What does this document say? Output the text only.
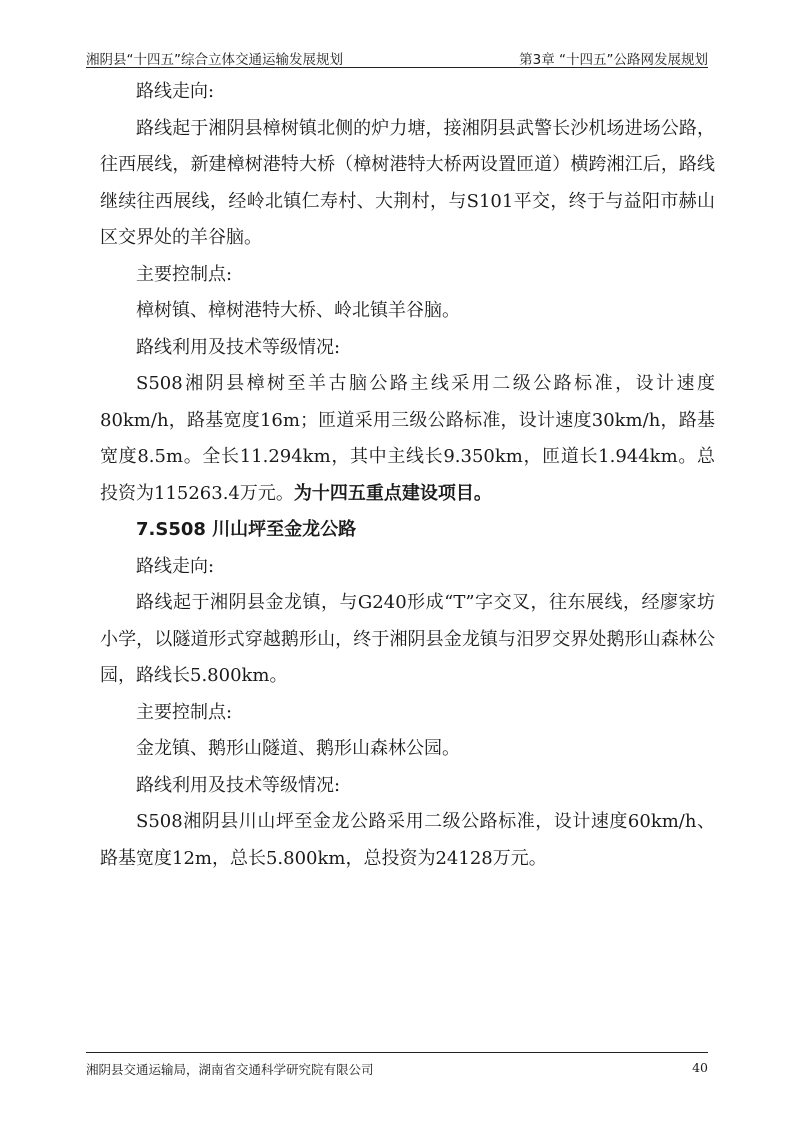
湘阴县“十四五”综合立体交通运输发展规划	第3章 “十四五”公路网发展规划

路线走向:

路线起于湘阴县樟树镇北侧的炉力塘，接湘阴县武警长沙机场进场公路，往西展线，新建樟树港特大桥（樟树港特大桥两设置匝道）横跨湘江后，路线继续往西展线，经岭北镇仁寿村、大荆村，与S101平交，终于与益阳市赫山区交界处的羊谷脑。

主要控制点:

樟树镇、樟树港特大桥、岭北镇羊谷脑。

路线利用及技术等级情况:

S508湘阴县樟树至羊古脑公路主线采用二级公路标准，设计速度80km/h，路基宽度16m；匝道采用三级公路标准，设计速度30km/h，路基宽度8.5m。全长11.294km，其中主线长9.350km，匝道长1.944km。总投资为115263.4万元。为十四五重点建设项目。

7.S508 川山坪至金龙公路

路线走向:

路线起于湘阴县金龙镇，与G240形成“T”字交叉，往东展线，经廖家坊小学，以隧道形式穿越鹅形山，终于湘阴县金龙镇与汨罗交界处鹅形山森林公园，路线长5.800km。

主要控制点:

金龙镇、鹅形山隧道、鹅形山森林公园。

路线利用及技术等级情况:

S508湘阴县川山坪至金龙公路采用二级公路标准，设计速度60km/h、路基宽度12m，总长5.800km，总投资为24128万元。

湘阴县交通运输局，湖南省交通科学研究院有限公司	40
